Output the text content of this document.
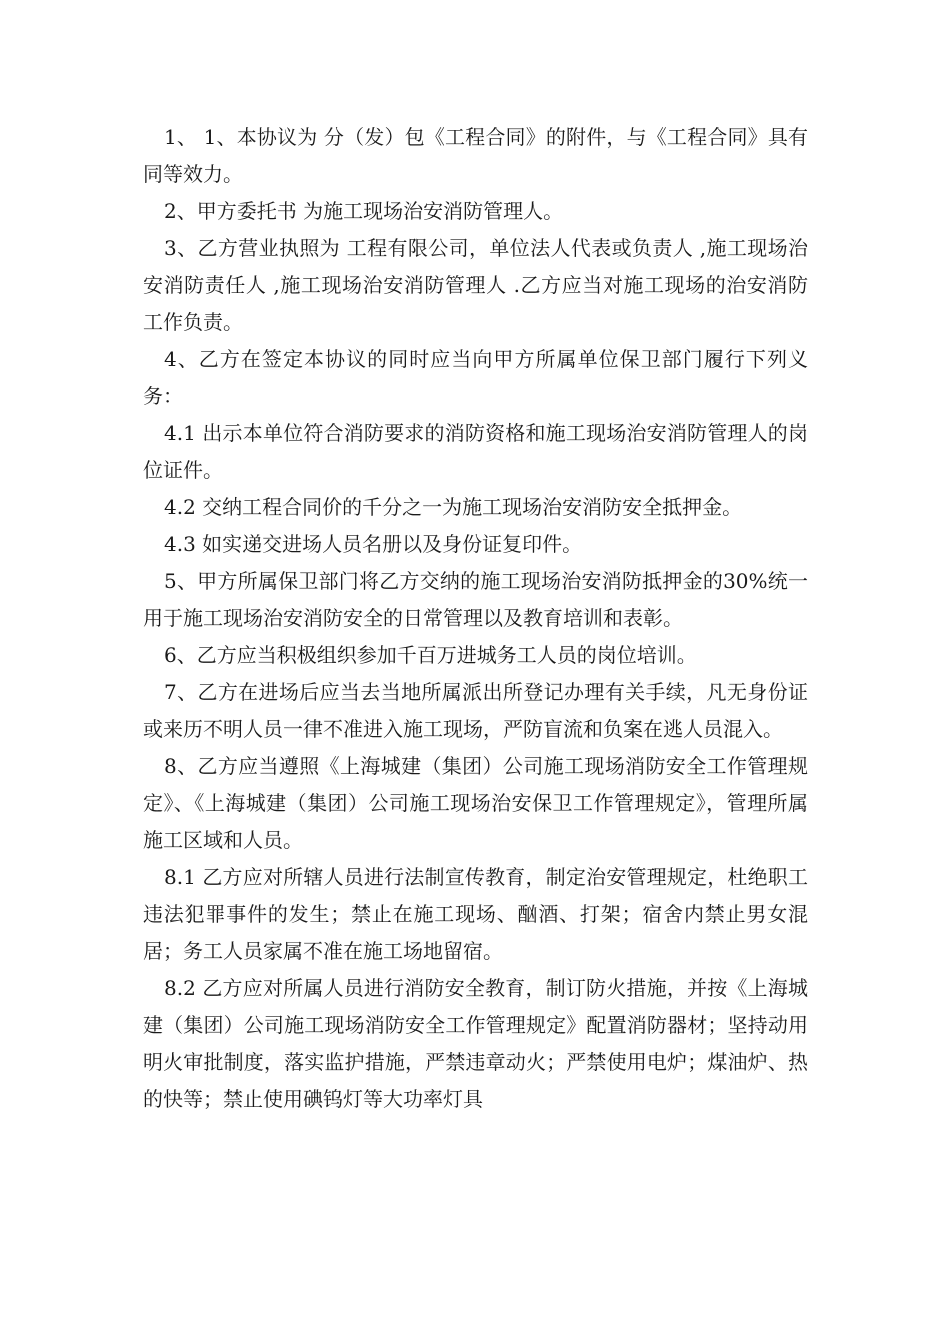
1、 1、本协议为 分（发）包《工程合同》的附件，与《工程合同》具有同等效力。

2、甲方委托书 为施工现场治安消防管理人。

3、乙方营业执照为 工程有限公司，单位法人代表或负责人 ,施工现场治安消防责任人 ,施工现场治安消防管理人 .乙方应当对施工现场的治安消防工作负责。

4、乙方在签定本协议的同时应当向甲方所属单位保卫部门履行下列义务：

4.1 出示本单位符合消防要求的消防资格和施工现场治安消防管理人的岗位证件。

4.2 交纳工程合同价的千分之一为施工现场治安消防安全抵押金。

4.3 如实递交进场人员名册以及身份证复印件。

5、甲方所属保卫部门将乙方交纳的施工现场治安消防抵押金的30%统一用于施工现场治安消防安全的日常管理以及教育培训和表彰。

6、乙方应当积极组织参加千百万进城务工人员的岗位培训。

7、乙方在进场后应当去当地所属派出所登记办理有关手续，凡无身份证或来历不明人员一律不准进入施工现场，严防盲流和负案在逃人员混入。

8、乙方应当遵照《上海城建（集团）公司施工现场消防安全工作管理规定》、《上海城建（集团）公司施工现场治安保卫工作管理规定》，管理所属施工区域和人员。

8.1 乙方应对所辖人员进行法制宣传教育，制定治安管理规定，杜绝职工违法犯罪事件的发生；禁止在施工现场、酗酒、打架；宿舍内禁止男女混居；务工人员家属不准在施工场地留宿。

8.2 乙方应对所属人员进行消防安全教育，制订防火措施，并按《上海城建（集团）公司施工现场消防安全工作管理规定》配置消防器材；坚持动用明火审批制度，落实监护措施，严禁违章动火；严禁使用电炉；煤油炉、热的快等；禁止使用碘钨灯等大功率灯具
